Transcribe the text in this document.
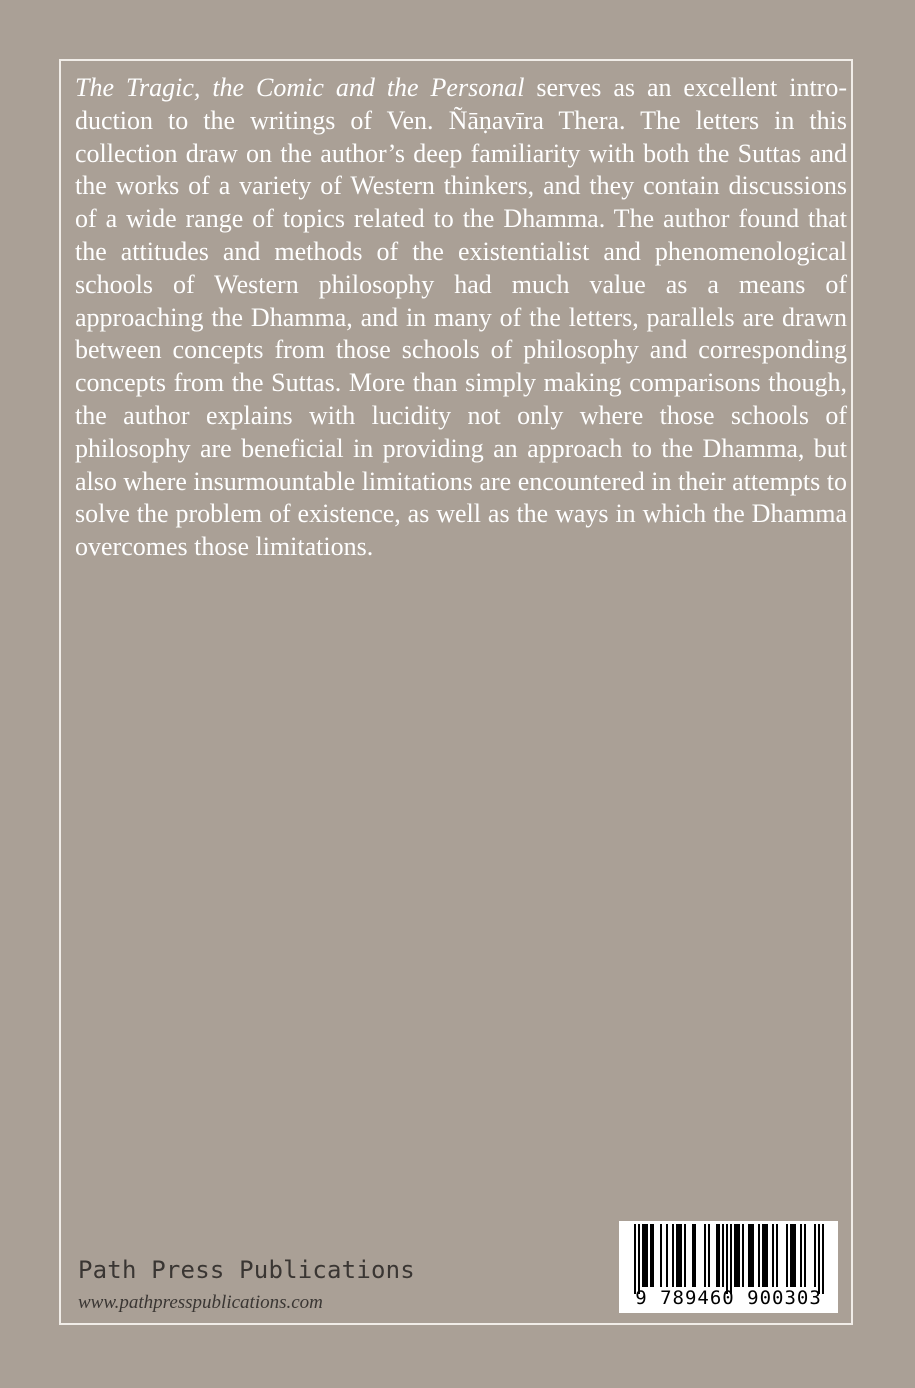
The Tragic, the Comic and the Personal serves as an excellent introduction to the writings of Ven. Ñāṇavīra Thera. The letters in this collection draw on the author’s deep familiarity with both the Suttas and the works of a variety of Western thinkers, and they contain discussions of a wide range of topics related to the Dhamma. The author found that the attitudes and methods of the existentialist and phenomenological schools of Western philosophy had much value as a means of approaching the Dhamma, and in many of the letters, parallels are drawn between concepts from those schools of philosophy and corresponding concepts from the Suttas. More than simply making comparisons though, the author explains with lucidity not only where those schools of philosophy are beneficial in providing an approach to the Dhamma, but also where insurmountable limitations are encountered in their attempts to solve the problem of existence, as well as the ways in which the Dhamma overcomes those limitations.

Path Press Publications
www.pathpresspublications.com	9 789460 900303
